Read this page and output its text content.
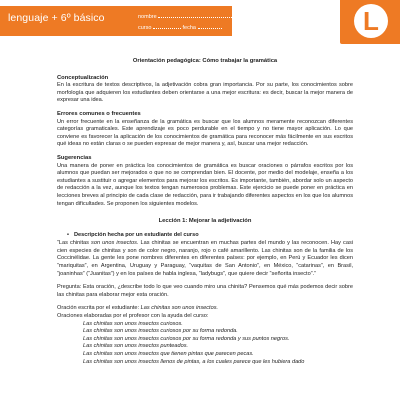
lenguaje + 6º básico	nombre
curso	fecha	L

Orientación pedagógica: Cómo trabajar la gramática

Conceptualización

En la escritura de textos descriptivos, la adjetivación cobra gran importancia. Por su parte, los conocimientos sobre morfología que adquieren los estudiantes deben orientarse a una mejor escritura: es decir, buscar la mejor manera de expresar una idea.

Errores comunes o frecuentes

Un error frecuente en la enseñanza de la gramática es buscar que los alumnos meramente reconozcan diferentes categorías gramaticales. Este aprendizaje es poco perdurable en el tiempo y no tiene mayor aplicación. Lo que conviene es favorecer la aplicación de los conocimientos de gramática para reconocer más fácilmente en sus escritos qué ideas no están claras o se pueden expresar de mejor manera y, así, buscar una mejor redacción.

Sugerencias

Una manera de poner en práctica los conocimientos de gramática es buscar oraciones o párrafos escritos por los alumnos que puedan ser mejorados o que no se comprendan bien. El docente, por medio del modelaje, enseña a los estudiantes a sustituir o agregar elementos para mejorar los escritos. Es importante, también, abordar solo un aspecto de redacción a la vez, aunque los textos tengan numerosos problemas. Este ejercicio se puede poner en práctica en lecciones breves al principio de cada clase de redacción, para ir trabajando diferentes aspectos en los que los alumnos tengan dificultades. Se proponen los siguientes modelos.

Lección 1: Mejorar la adjetivación

• Descripción hecha por un estudiante del curso

“Las chinitas son unos insectos. Las chinitas se encuentran en muchas partes del mundo y las reconocen. Hay casi cien especies de chinitas y son de color negro, naranjo, rojo o café amarillento. Las chinitas son de la familia de los Coccinélidae. La gente les pone nombres diferentes en diferentes países: por ejemplo, en Perú y Ecuador les dicen “mariquitas”, en Argentina, Uruguay y Paraguay, “vaquitas de San Antonio”, en México, “catarinas”, en Brasil, “joaninhas” (“Juanitas”) y en los países de habla inglesa, “ladybugs”, que quiere decir “señorita insecto”.”

Pregunta: Esta oración, ¿describe todo lo que veo cuando miro una chinita? Pensemos qué más podemos decir sobre las chinitas para elaborar mejor esta oración.

Oración escrita por el estudiante: Las chinitas son unos insectos.

Oraciones elaboradas por el profesor con la ayuda del curso:

Las chinitas son unos insectos curiosos.
Las chinitas son unos insectos curiosos por su forma redonda.
Las chinitas son unos insectos curiosos por su forma redonda y sus puntos negros.
Las chinitas son unos insectos punteados.
Las chinitas son unos insectos que tienen pintas que parecen pecas.
Las chinitas son unos insectos llenos de pintas, a los cuales parece que les hubiera dado
